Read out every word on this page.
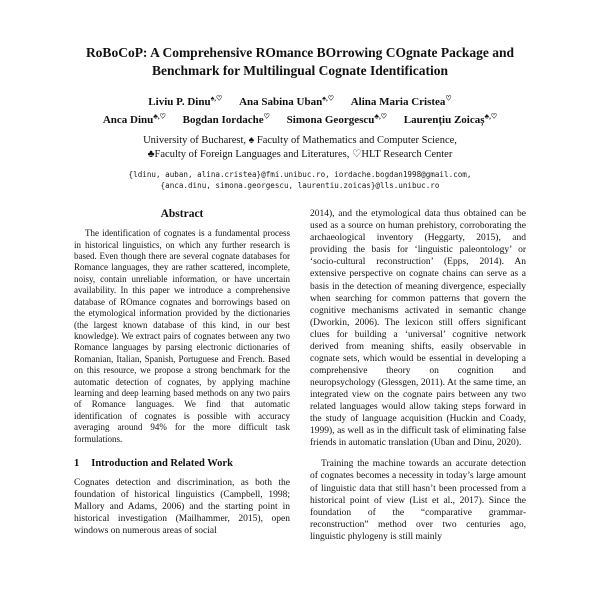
RoBoCoP: A Comprehensive ROmance BOrrowing COgnate Package and Benchmark for Multilingual Cognate Identification
Liviu P. Dinu♠,♡ Ana Sabina Uban♠,♡ Alina Maria Cristea♡
Anca Dinu♣,♡ Bogdan Iordache♡ Simona Georgescu♣,♡ Laurențiu Zoicaș♣,♡
University of Bucharest, ♠ Faculty of Mathematics and Computer Science,
♣Faculty of Foreign Languages and Literatures, ♡HLT Research Center
{ldinu, auban, alina.cristea}@fmi.unibuc.ro, iordache.bogdan1998@gmail.com,
{anca.dinu, simona.georgescu, laurentiu.zoicas}@lls.unibuc.ro
Abstract

The identification of cognates is a fundamental process in historical linguistics, on which any further research is based. Even though there are several cognate databases for Romance languages, they are rather scattered, incomplete, noisy, contain unreliable information, or have uncertain availability. In this paper we introduce a comprehensive database of ROmance cognates and borrowings based on the etymological information provided by the dictionaries (the largest known database of this kind, in our best knowledge). We extract pairs of cognates between any two Romance languages by parsing electronic dictionaries of Romanian, Italian, Spanish, Portuguese and French. Based on this resource, we propose a strong benchmark for the automatic detection of cognates, by applying machine learning and deep learning based methods on any two pairs of Romance languages. We find that automatic identification of cognates is possible with accuracy averaging around 94% for the more difficult task formulations.

1 Introduction and Related Work

Cognates detection and discrimination, as both the foundation of historical linguistics (Campbell, 1998; Mallory and Adams, 2006) and the starting point in historical investigation (Mailhammer, 2015), open windows on numerous areas of social

2014), and the etymological data thus obtained can be used as a source on human prehistory, corroborating the archaeological inventory (Heggarty, 2015), and providing the basis for ‘linguistic paleontology’ or ‘socio-cultural reconstruction’ (Epps, 2014). An extensive perspective on cognate chains can serve as a basis in the detection of meaning divergence, especially when searching for common patterns that govern the cognitive mechanisms activated in semantic change (Dworkin, 2006). The lexicon still offers significant clues for building a ‘universal’ cognitive network derived from meaning shifts, easily observable in cognate sets, which would be essential in developing a comprehensive theory on cognition and neuropsychology (Glessgen, 2011). At the same time, an integrated view on the cognate pairs between any two related languages would allow taking steps forward in the study of language acquisition (Huckin and Coady, 1999), as well as in the difficult task of eliminating false friends in automatic translation (Uban and Dinu, 2020).

Training the machine towards an accurate detection of cognates becomes a necessity in today’s large amount of linguistic data that still hasn’t been processed from a historical point of view (List et al., 2017). Since the foundation of the “comparative grammar-reconstruction” method over two centuries ago, linguistic phylogeny is still mainly
